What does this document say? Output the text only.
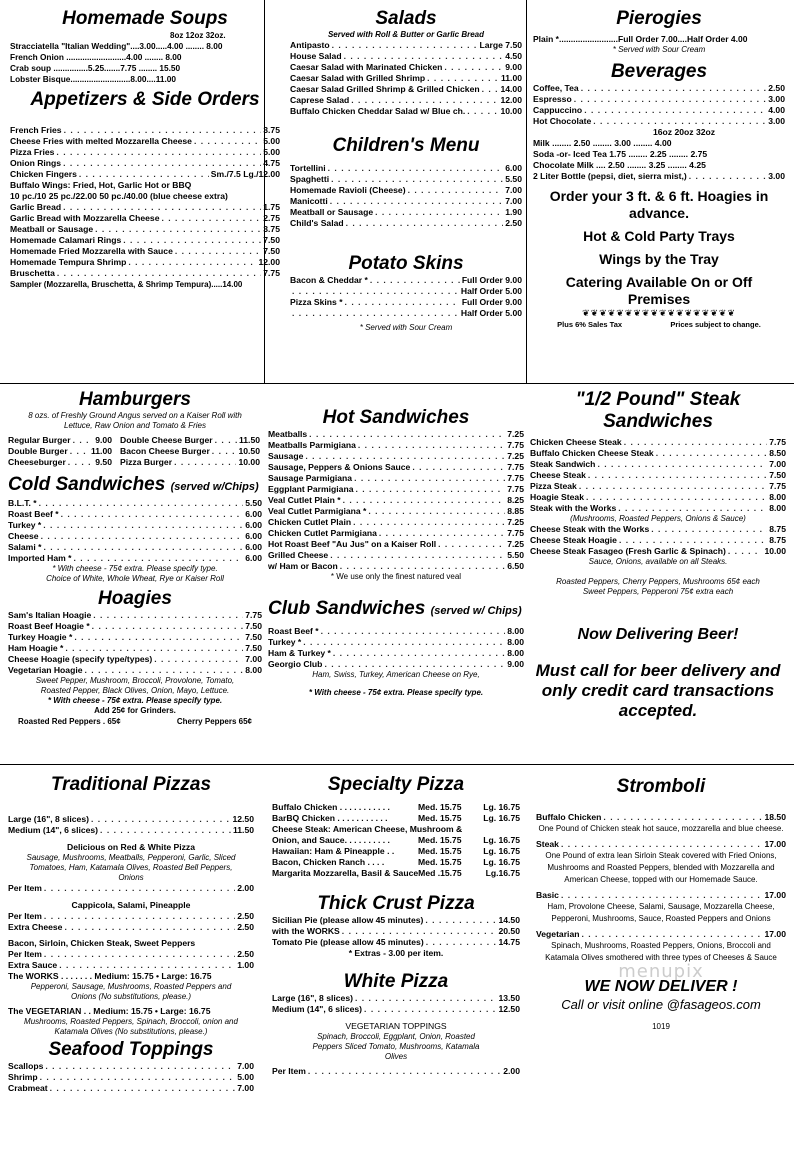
Homemade Soups
8oz 12oz 32oz.
Stracciatella "Italian Wedding"....3.00.....4.00 ........ 8.00
French Onion ..........................4.00 ........ 8.00
Crab soup ...............5.25.......7.75 ........ 15.50
Lobster Bisque..........................8.00....11.00
Appetizers & Side Orders
French Fries . . .	3.75
Cheese Fries with melted Mozzarella Cheese . . .	5.00
Pizza Fries . . .	5.00
Onion Rings . . .	4.75
Chicken Fingers . . .	Sm./7.5 Lg./12.00
Buffalo Wings: Fried, Hot, Garlic Hot or BBQ
10 pc./10 25 pc./22.00 50 pc./40.00 (blue cheese extra)
Garlic Bread . . .	1.75
Garlic Bread with Mozzarella Cheese . . .	2.75
Meatball or Sausage . . .	3.75
Homemade Calamari Rings . . .	7.50
Homemade Fried Mozzarella with Sauce . . .	7.50
Homemade Tempura Shrimp . . .	12.00
Bruschetta . . .	7.75
Sampler (Mozzarella, Bruschetta, & Shrimp Tempura).....14.00
Salads
Served with Roll & Butter or Garlic Bread
Antipasto . . .	Large 7.50
House Salad . . .	4.50
Caesar Salad with Marinated Chicken . . .	9.00
Caesar Salad with Grilled Shrimp . . .	11.00
Caesar Salad Grilled Shrimp & Grilled Chicken . . . 14.00
Caprese Salad . . .	12.00
Buffalo Chicken Cheddar Salad w/ Blue ch. . . .	10.00
Children's Menu
Tortellini . . .	6.00
Spaghetti . . .	5.50
Homemade Ravioli (Cheese) . . .	7.00
Manicotti . . .	7.00
Meatball or Sausage . . .	1.90
Child's Salad . . .	2.50
Potato Skins
Bacon & Cheddar * . . .	Full Order 9.00
. . .
Half Order 5.00
Pizza Skins * . . .	Full Order 9.00
. . .
Half Order 5.00
* Served with Sour Cream
Pierogies
Plain *.........................Full Order 7.00....Half Order 4.00
* Served with Sour Cream
Beverages
Coffee, Tea . . .	2.50
Espresso . . .	3.00
Cappuccino . . .	4.00
Hot Chocolate . . .	3.00
16oz 20oz 32oz
Milk ........ 2.50 ........ 3.00 ........ 4.00
Soda -or- Iced Tea 1.75 ........ 2.25 ........ 2.75
Chocolate Milk .... 2.50 ........ 3.25 ........ 4.25
2 Liter Bottle (pepsi, diet, sierra mist,) . . .	3.00
Order your 3 ft. & 6 ft. Hoagies in advance.
Hot & Cold Party Trays
Wings by the Tray
Catering Available On or Off Premises
❦❦❦❦❦❦❦❦❦❦❦❦❦❦❦❦❦❦
Plus 6% Sales Tax	Prices subject to change.
Hamburgers
8 ozs. of Freshly Ground Angus served on a Kaiser Roll with Lettuce, Raw Onion and Tomato & Fries
Regular Burger . . .	9.00
Double Burger . . .	11.00
Cheeseburger . . .	9.50
Double Cheese Burger . . .	11.50
Bacon Cheese Burger . . .	10.50
Pizza Burger . . .	10.00
Cold Sandwiches (served w/Chips)
B.L.T. * . . .	5.50
Roast Beef * . . .	6.00
Turkey * . . .	6.00
Cheese . . .	6.00
Salami * . . .	6.00
Imported Ham * . . .	6.00
* With cheese - 75¢ extra. Please specify type.
Choice of White, Whole Wheat, Rye or Kaiser Roll
Hoagies
Sam's Italian Hoagie . . .	7.75
Roast Beef Hoagie * . . .	7.50
Turkey Hoagie * . . .	7.50
Ham Hoagie * . . .	7.50
Cheese Hoagie (specify type/types) . . .	7.00
Vegetarian Hoagie . . .	8.00
Sweet Pepper, Mushroom, Broccoli, Provolone, Tomato, Roasted Pepper, Black Olives, Onion, Mayo, Lettuce.
* With cheese - 75¢ extra. Please specify type.
Add 25¢ for Grinders.
Roasted Red Peppers . 65¢	Cherry Peppers 65¢
Hot Sandwiches
Meatballs . . .	7.25
Meatballs Parmigiana . . .	7.75
Sausage . . .	7.25
Sausage, Peppers & Onions Sauce . . .	7.75
Sausage Parmigiana . . .	7.75
Eggplant Parmigiana . . .	7.75
Veal Cutlet Plain * . . .	8.25
Veal Cutlet Parmigiana * . . .	8.85
Chicken Cutlet Plain . . .	7.25
Chicken Cutlet Parmigiana . . .	7.75
Hot Roast Beef "Au Jus" on a Kaiser Roll . . .	7.25
Grilled Cheese . . .	5.50
w/ Ham or Bacon . . .	6.50
* We use only the finest natured veal
Club Sandwiches (served w/ Chips)
Roast Beef * . . .	8.00
Turkey * . . .	8.00
Ham & Turkey * . . .	8.00
Georgio Club . . .	9.00
Ham, Swiss, Turkey, American Cheese on Rye,
* With cheese - 75¢ extra. Please specify type.
"1/2 Pound" Steak Sandwiches
Chicken Cheese Steak . . .	7.75
Buffalo Chicken Cheese Steak . . .	8.50
Steak Sandwich . . .	7.00
Cheese Steak . . .	7.50
Pizza Steak . . .	7.75
Hoagie Steak . . .	8.00
Steak with the Works . . .	8.00
(Mushrooms, Roasted Peppers, Onions & Sauce)
Cheese Steak with the Works . . .	8.75
Cheese Steak Hoagie . . .	8.75
Cheese Steak Fasageo (Fresh Garlic & Spinach) . . .	10.00
Sauce, Onions, available on all Steaks.
Roasted Peppers, Cherry Peppers, Mushrooms 65¢ each
Sweet Peppers, Pepperoni 75¢ extra each
Now Delivering Beer!
Must call for beer delivery and only credit card transactions accepted.
Traditional Pizzas
Large (16", 8 slices) . . .	12.50
Medium (14", 6 slices) . . .	11.50
Delicious on Red & White Pizza
Sausage, Mushrooms, Meatballs, Pepperoni, Garlic, Sliced Tomatoes, Ham, Katamala Olives, Roasted Bell Peppers, Onions
Per Item . . .	2.00
Cappicola, Salami, Pineapple
Per Item . . .	2.50
Extra Cheese . . .	2.50
Bacon, Sirloin, Chicken Steak, Sweet Peppers
Per Item . . .	2.50
Extra Sauce . . .	1.00
The WORKS . . . . . . . Medium: 15.75 • Large: 16.75
Pepperoni, Sausage, Mushrooms, Roasted Peppers and Onions (No substitutions, please.)
The VEGETARIAN . . Medium: 15.75 • Large: 16.75
Mushrooms, Roasted Peppers, Spinach, Broccoli, onion and Katamala Olives (No substitutions, please.)
Seafood Toppings
Scallops . . .	7.00
Shrimp . . .	5.00
Crabmeat . . .	7.00
Specialty Pizza
Buffalo Chicken . . . . . . . . . . .	Med. 15.75	Lg. 16.75
BarBQ Chicken . . . . . . . . . . .	Med. 15.75	Lg. 16.75
Cheese Steak: American Cheese, Mushroom &
Onion, and Sauce. . . . . . . . . .	Med. 15.75	Lg. 16.75
Hawaiian: Ham & Pineapple . .	Med. 15.75	Lg. 16.75
Bacon, Chicken Ranch . . . .	Med. 15.75	Lg. 16.75
Margarita Mozzarella, Basil & Sauce Med .15.75	Lg.16.75
Thick Crust Pizza
Sicilian Pie (please allow 45 minutes) . . .	14.50
with the WORKS . . .	20.50
Tomato Pie (please allow 45 minutes) . . .	14.75
* Extras - 3.00 per item.
White Pizza
Large (16", 8 slices) . . .	13.50
Medium (14", 6 slices) . . .	12.50
VEGETARIAN TOPPINGS
Spinach, Broccoli, Eggplant, Onion, Roasted Peppers Sliced Tomato, Mushrooms, Katamala Olives
Per Item . . .	2.00
Stromboli
Buffalo Chicken . . .	18.50
One Pound of Chicken steak hot sauce, mozzarella and blue cheese.
Steak . . .	17.00
One Pound of extra lean Sirloin Steak covered with Fried Onions, Mushrooms and Roasted Peppers, blended with Mozzarella and American Cheese, topped with our Homemade Sauce.
Basic . . .	17.00
Ham, Provolone Cheese, Salami, Sausage, Mozzarella Cheese, Pepperoni, Mushrooms, Sauce, Roasted Peppers and Onions
Vegetarian . . .	17.00
Spinach, Mushrooms, Roasted Peppers, Onions, Broccoli and Katamala Olives smothered with three types of Cheeses & Sauce
menupix
WE NOW DELIVER !
Call or visit online @fasageos.com
1019
